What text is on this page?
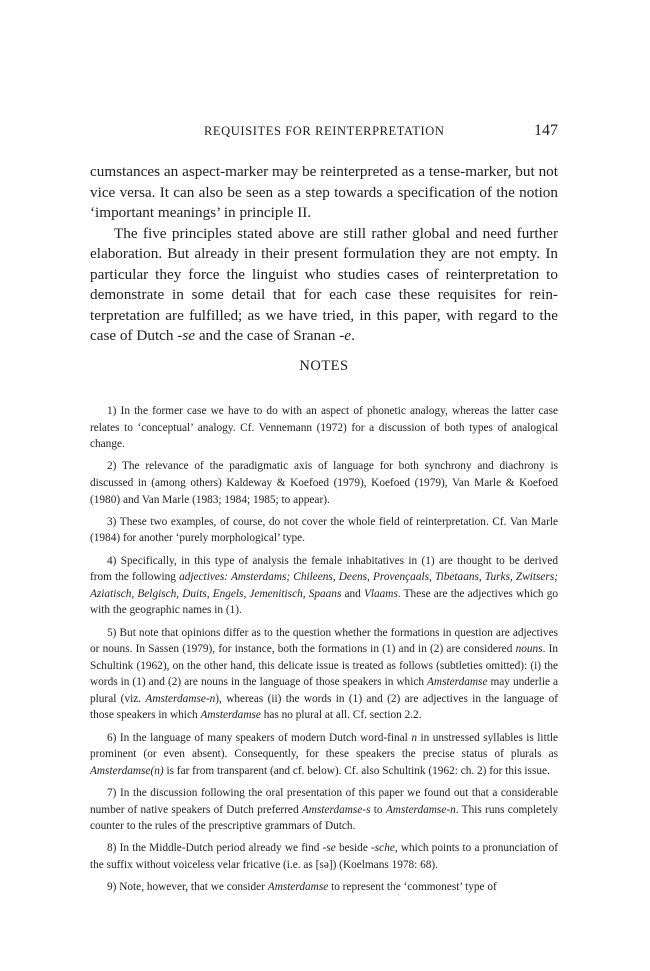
REQUISITES FOR REINTERPRETATION	147

cumstances an aspect-marker may be reinterpreted as a tense-marker, but not vice versa. It can also be seen as a step towards a specification of the notion ‘important meanings’ in principle II.

The five principles stated above are still rather global and need further elaboration. But already in their present formulation they are not empty. In particular they force the linguist who studies cases of reinterpretation to demonstrate in some detail that for each case these requisites for rein-terpretation are fulfilled; as we have tried, in this paper, with regard to the case of Dutch -se and the case of Sranan -e.

NOTES

1) In the former case we have to do with an aspect of phonetic analogy, whereas the latter case relates to ‘conceptual’ analogy. Cf. Vennemann (1972) for a discussion of both types of analogical change.

2) The relevance of the paradigmatic axis of language for both synchrony and diachrony is discussed in (among others) Kaldeway & Koefoed (1979), Koefoed (1979), Van Marle & Koefoed (1980) and Van Marle (1983; 1984; 1985; to appear).

3) These two examples, of course, do not cover the whole field of reinterpretation. Cf. Van Marle (1984) for another ‘purely morphological’ type.

4) Specifically, in this type of analysis the female inhabitatives in (1) are thought to be derived from the following adjectives: Amsterdams; Chileens, Deens, Provençaals, Tibetaans, Turks, Zwitsers; Aziatisch, Belgisch, Duits, Engels, Jemenitisch, Spaans and Vlaams. These are the adjectives which go with the geographic names in (1).

5) But note that opinions differ as to the question whether the formations in question are adjectives or nouns. In Sassen (1979), for instance, both the formations in (1) and in (2) are considered nouns. In Schultink (1962), on the other hand, this delicate issue is treated as follows (subtleties omitted): (i) the words in (1) and (2) are nouns in the language of those speakers in which Amsterdamse may underlie a plural (viz. Amsterdamse-n), whereas (ii) the words in (1) and (2) are adjectives in the language of those speakers in which Amsterdamse has no plural at all. Cf. section 2.2.

6) In the language of many speakers of modern Dutch word-final n in unstressed syllables is little prominent (or even absent). Consequently, for these speakers the precise status of plurals as Amsterdamse(n) is far from transparent (and cf. below). Cf. also Schultink (1962: ch. 2) for this issue.

7) In the discussion following the oral presentation of this paper we found out that a considerable number of native speakers of Dutch preferred Amsterdamse-s to Amsterdamse-n. This runs completely counter to the rules of the prescriptive grammars of Dutch.

8) In the Middle-Dutch period already we find -se beside -sche, which points to a pronunciation of the suffix without voiceless velar fricative (i.e. as [sə]) (Koelmans 1978: 68).

9) Note, however, that we consider Amsterdamse to represent the ‘commonest’ type of
